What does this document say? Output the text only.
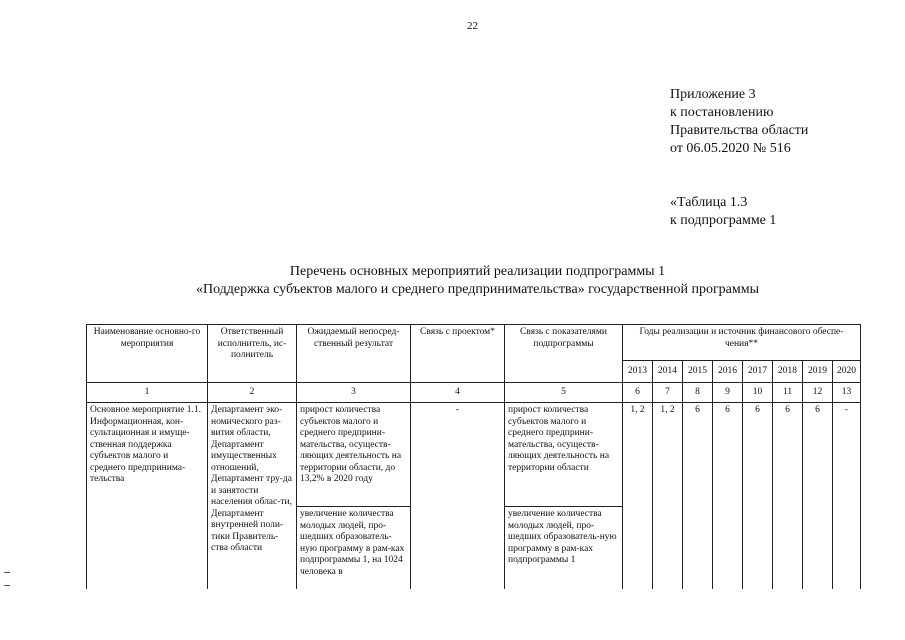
22
Приложение 3
к постановлению
Правительства области
от 06.05.2020 № 516
«Таблица 1.3
к подпрограмме 1
Перечень основных мероприятий реализации подпрограммы 1
«Поддержка субъектов малого и среднего предпринимательства» государственной программы
Наименование основно-го мероприятия	Ответственный исполнитель, ис-полнитель	Ожидаемый непосред-ственный результат	Связь с проектом*	Связь с показателями подпрограммы	Годы реализации и источник финансового обеспе-чения**							
					2013	2014	2015	2016	2017	2018	2019	2020
1	2	3	4	5	6	7	8	9	10	11	12	13
Основное мероприятие 1.1. Информационная, кон-сультационная и имуще-ственная поддержка субъектов малого и среднего предпринима-тельства	Департамент эко-номического раз-вития области, Департамент имущественных отношений, Департамент тру-да и занятости населения облас-ти, Департамент внутренней поли-тики Правитель-ства области	прирост количества субъектов малого и среднего предприни-мательства, осуществ-ляющих деятельность на территории области, до 13,2% в 2020 году	-	прирост количества субъектов малого и среднего предприни-мательства, осуществ-ляющих деятельность на территории области	1, 2	1, 2	6	6	6	6	6	-
		увеличение количества молодых людей, про-шедших образователь-ную программу в рам-ках подпрограммы 1, на 1024 человека в		увеличение количества молодых людей, про-шедших образователь-ную программу в рам-ках подпрограммы 1								
